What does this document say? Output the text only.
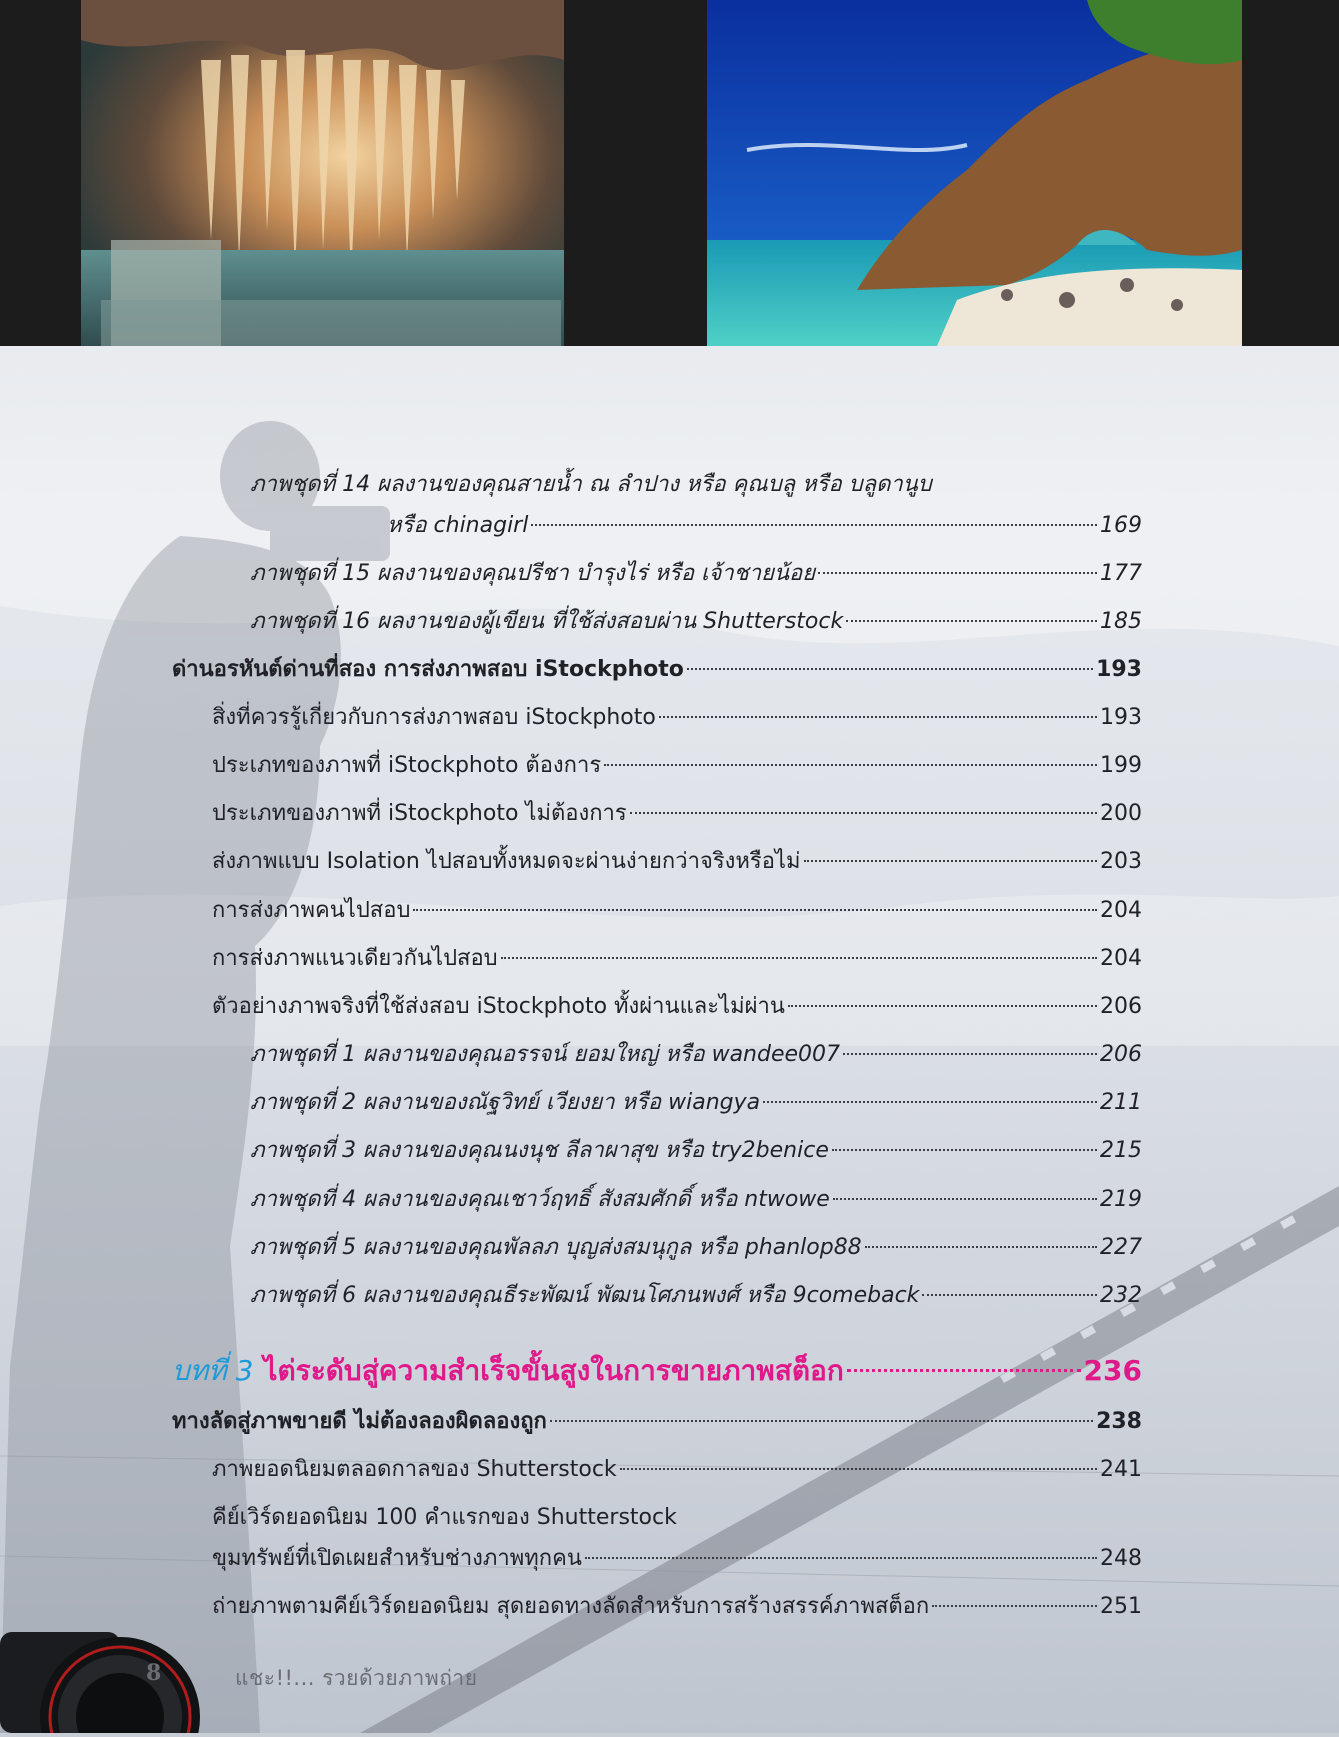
ภาพชุดที่ 14 ผลงานของคุณสายน้ำ ณ ลำปาง หรือ คุณบลู หรือ บลูดานูบ
หรือ chinagirl	169
ภาพชุดที่ 15 ผลงานของคุณปรีชา บำรุงไร่ หรือ เจ้าชายน้อย	177
ภาพชุดที่ 16 ผลงานของผู้เขียน ที่ใช้ส่งสอบผ่าน Shutterstock	185
ด่านอรหันต์ด่านที่สอง การส่งภาพสอบ iStockphoto	193
สิ่งที่ควรรู้เกี่ยวกับการส่งภาพสอบ iStockphoto	193
ประเภทของภาพที่ iStockphoto ต้องการ	199
ประเภทของภาพที่ iStockphoto ไม่ต้องการ	200
ส่งภาพแบบ Isolation ไปสอบทั้งหมดจะผ่านง่ายกว่าจริงหรือไม่	203
การส่งภาพคนไปสอบ	204
การส่งภาพแนวเดียวกันไปสอบ	204
ตัวอย่างภาพจริงที่ใช้ส่งสอบ iStockphoto ทั้งผ่านและไม่ผ่าน	206
ภาพชุดที่ 1 ผลงานของคุณอรรจน์ ยอมใหญ่ หรือ wandee007	206
ภาพชุดที่ 2 ผลงานของณัฐวิทย์ เวียงยา หรือ wiangya	211
ภาพชุดที่ 3 ผลงานของคุณนงนุช ลีลาผาสุข หรือ try2benice	215
ภาพชุดที่ 4 ผลงานของคุณเชาว์ฤทธิ์ สังสมศักดิ์ หรือ ntwowe	219
ภาพชุดที่ 5 ผลงานของคุณพัลลภ บุญส่งสมนุกูล หรือ phanlop88	227
ภาพชุดที่ 6 ผลงานของคุณธีระพัฒน์ พัฒนโศภนพงศ์ หรือ 9comeback	232
บทที่ 3 ไต่ระดับสู่ความสำเร็จขั้นสูงในการขายภาพสต็อก	236
ทางลัดสู่ภาพขายดี ไม่ต้องลองผิดลองถูก	238
ภาพยอดนิยมตลอดกาลของ Shutterstock	241
คีย์เวิร์ดยอดนิยม 100 คำแรกของ Shutterstock
ขุมทรัพย์ที่เปิดเผยสำหรับช่างภาพทุกคน	248
ถ่ายภาพตามคีย์เวิร์ดยอดนิยม สุดยอดทางลัดสำหรับการสร้างสรรค์ภาพสต็อก	251
8	แชะ!!... รวยด้วยภาพถ่าย
